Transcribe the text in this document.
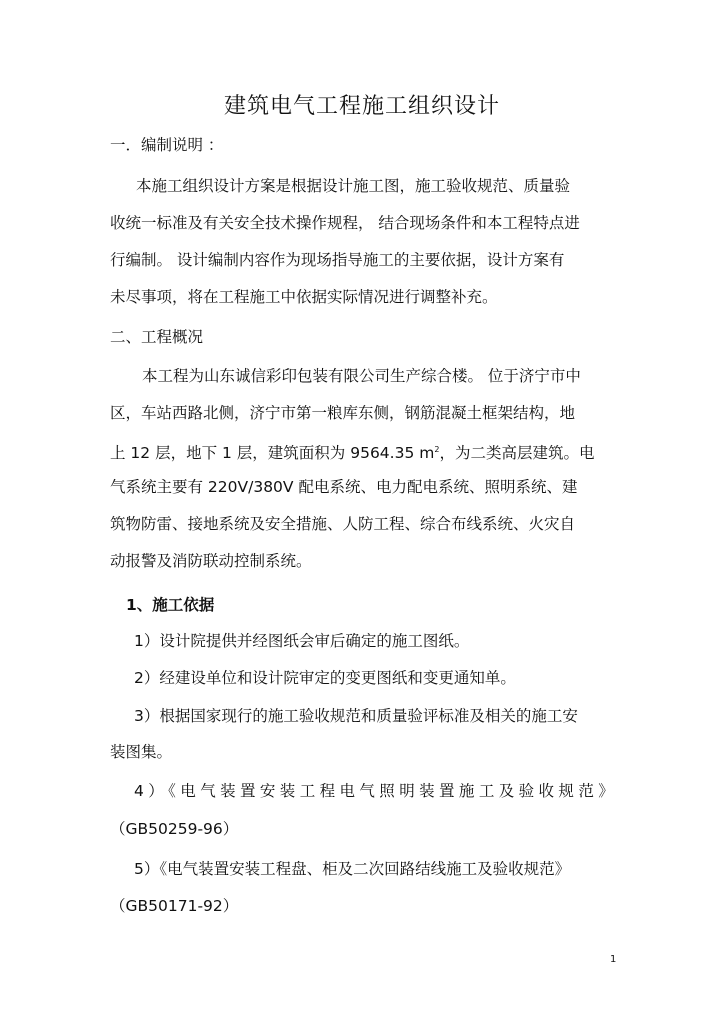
建筑电气工程施工组织设计
一．编制说明 ：
本施工组织设计方案是根据设计施工图，施工验收规范、质量验
收统一标准及有关安全技术操作规程， 结合现场条件和本工程特点进
行编制。 设计编制内容作为现场指导施工的主要依据，设计方案有
未尽事项，将在工程施工中依据实际情况进行调整补充。
二、工程概况
本工程为山东诚信彩印包装有限公司生产综合楼。 位于济宁市中
区，车站西路北侧，济宁市第一粮库东侧，钢筋混凝土框架结构，地
上 12 层，地下 1 层，建筑面积为 9564.35 $m^2$，为二类高层建筑。电
气系统主要有 220V/380V 配电系统、电力配电系统、照明系统、建
筑物防雷、接地系统及安全措施、人防工程、综合布线系统、火灾自
动报警及消防联动控制系统。
1、施工依据
1）设计院提供并经图纸会审后确定的施工图纸。
2）经建设单位和设计院审定的变更图纸和变更通知单。
3）根据国家现行的施工验收规范和质量验评标准及相关的施工安
装图集。
4）《电气装置安装工程电气照明装置施工及验收规范》
（GB50259-96）
5）《电气装置安装工程盘、柜及二次回路结线施工及验收规范》
（GB50171-92）
1
